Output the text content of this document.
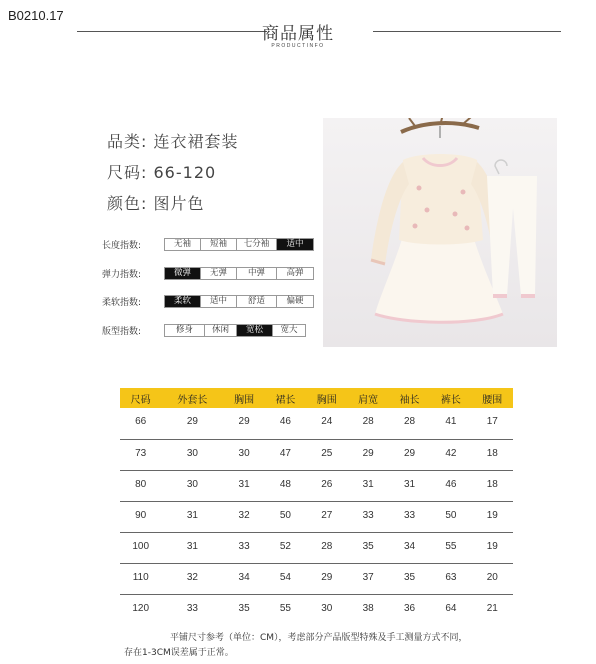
B0210.17
商品属性
PRODUCTINFO
品类: 连衣裙套装
尺码: 66-120
颜色: 图片色
长度指数:	无袖	短袖	七分袖	适中
弹力指数:	微弹	无弹	中弹	高弹
柔软指数:	柔软	适中	舒适	偏硬
版型指数:	修身	休闲	宽松	宽大
尺码	外套长	胸围	裙长	胸围	肩宽	袖长	裤长	腰围
66	29	29	46	24	28	28	41	17
73	30	30	47	25	29	29	42	18
80	30	31	48	26	31	31	46	18
90	31	32	50	27	33	33	50	19
100	31	33	52	28	35	34	55	19
110	32	34	54	29	37	35	63	20
120	33	35	55	30	38	36	64	21
平铺尺寸参考（单位：CM），考虑部分产品版型特殊及手工测量方式不同，
存在1-3CM误差属于正常。
